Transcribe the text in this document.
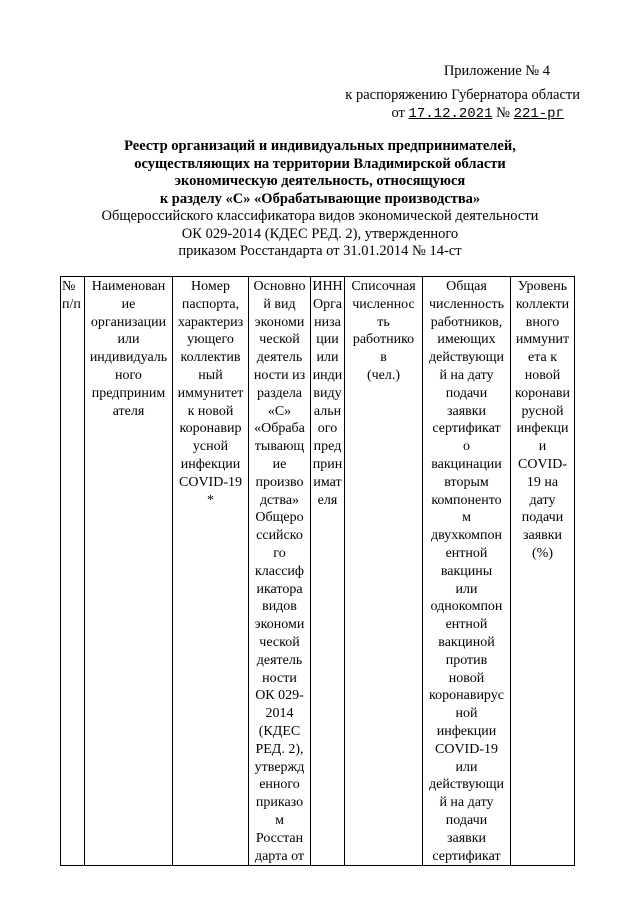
Приложение № 4
к распоряжению Губернатора области
от 17.12.2021 № 221-рг
Реестр организаций и индивидуальных предпринимателей,
осуществляющих на территории Владимирской области
экономическую деятельность, относящуюся
к разделу «С» «Обрабатывающие производства»
Общероссийского классификатора видов экономической деятельности
ОК 029-2014 (КДЕС РЕД. 2), утвержденного
приказом Росстандарта от 31.01.2014 № 14-ст
№
п/п

Наименован
ие
организации
или
индивидуаль
ного
предприним
ателя

Номер
паспорта,
характериз
ующего
коллектив
ный
иммунитет
к новой
коронавир
усной
инфекции
COVID-19
*

Основно
й вид
экономи
ческой
деятель
ности из
раздела
«С»
«Обраба
тывающ
ие
произво
дства»
Общеро
ссийско
го
классиф
икатора
видов
экономи
ческой
деятель
ности
ОК 029-
2014
(КДЕС
РЕД. 2),
утвержд
енного
приказо
м
Росстан
дарта от

ИНН
Орга
низа
ции
или
инди
виду
альн
ого
пред
прин
имат
еля

Списочная
численнос
ть
работнико
в
(чел.)

Общая
численность
работников,
имеющих
действующи
й на дату
подачи
заявки
сертификат
о
вакцинации
вторым
компоненто
м
двухкомпон
ентной
вакцины
или
однокомпон
ентной
вакциной
против
новой
коронавирус
ной
инфекции
COVID-19
или
действующи
й на дату
подачи
заявки
сертификат

Уровень
коллекти
вного
иммунит
ета к
новой
коронави
русной
инфекци
и
COVID-
19 на
дату
подачи
заявки
(%)
